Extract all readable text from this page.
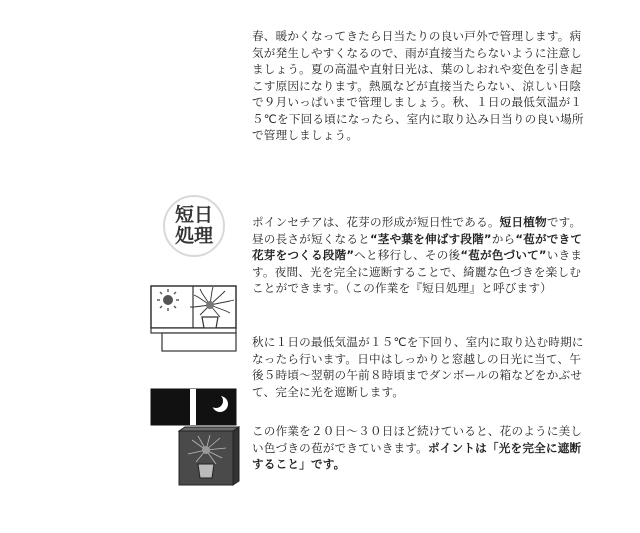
春、暖かくなってきたら日当たりの良い戸外で管理します。病気が発生しやすくなるので、雨が直接当たらないように注意しましょう。夏の高温や直射日光は、葉のしおれや変色を引き起こす原因になります。熱風などが直接当たらない、涼しい日陰で９月いっぱいまで管理しましょう。秋、１日の最低気温が１５℃を下回る頃になったら、室内に取り込み日当りの良い場所で管理しましょう。

短日
処理

ポインセチアは、花芽の形成が短日性である。短日植物です。昼の長さが短くなると“茎や葉を伸ばす段階”から“苞ができて花芽をつくる段階”へと移行し、その後“苞が色づいて”いきます。夜間、光を完全に遮断することで、綺麗な色づきを楽しむことができます。（この作業を『短日処理』と呼びます）

秋に１日の最低気温が１５℃を下回り、室内に取り込む時期になったら行います。日中はしっかりと窓越しの日光に当て、午後５時頃〜翌朝の午前８時頃までダンボールの箱などをかぶせて、完全に光を遮断します。

この作業を２０日〜３０日ほど続けていると、花のように美しい色づきの苞ができていきます。ポイントは「光を完全に遮断すること」です。
